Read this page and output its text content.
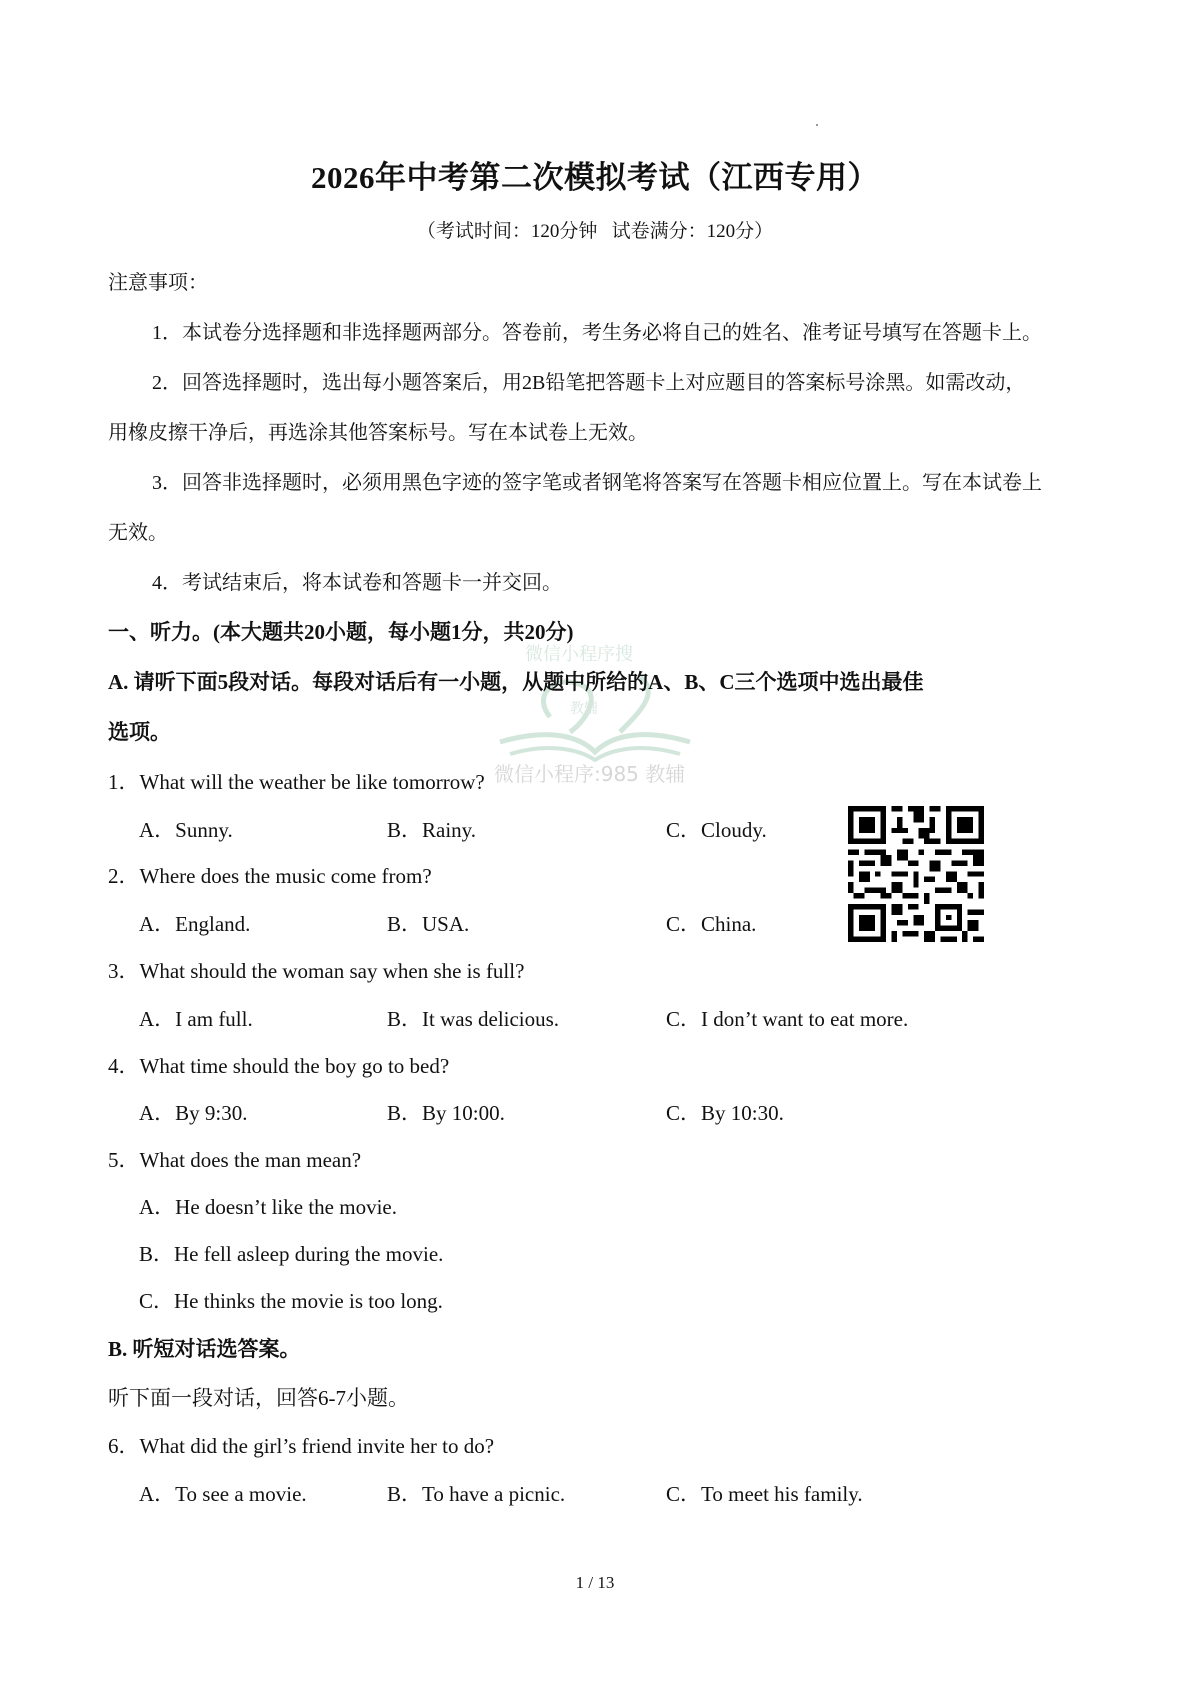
2026年中考第二次模拟考试（江西专用）
（考试时间：120分钟   试卷满分：120分）
注意事项：
1．本试卷分选择题和非选择题两部分。答卷前，考生务必将自己的姓名、准考证号填写在答题卡上。
2．回答选择题时，选出每小题答案后，用2B铅笔把答题卡上对应题目的答案标号涂黑。如需改动，
用橡皮擦干净后，再选涂其他答案标号。写在本试卷上无效。
3．回答非选择题时，必须用黑色字迹的签字笔或者钢笔将答案写在答题卡相应位置上。写在本试卷上
无效。
4．考试结束后，将本试卷和答题卡一并交回。
微信小程序搜
教辅
微信小程序:985 教辅
一、听力。(本大题共20小题，每小题1分，共20分)
A. 请听下面5段对话。每段对话后有一小题，从题中所给的A、B、C三个选项中选出最佳
选项。
1．What will the weather be like tomorrow?
A．Sunny.	B．Rainy.	C．Cloudy.
2．Where does the music come from?
A．England.	B．USA.	C．China.
3．What should the woman say when she is full?
A．I am full.	B．It was delicious.	C．I don’t want to eat more.
4．What time should the boy go to bed?
A．By 9:30.	B．By 10:00.	C．By 10:30.
5．What does the man mean?
A．He doesn’t like the movie.
B．He fell asleep during the movie.
C．He thinks the movie is too long.
B. 听短对话选答案。
听下面一段对话，回答6-7小题。
6．What did the girl’s friend invite her to do?
A．To see a movie.	B．To have a picnic.	C．To meet his family.
1 / 13
